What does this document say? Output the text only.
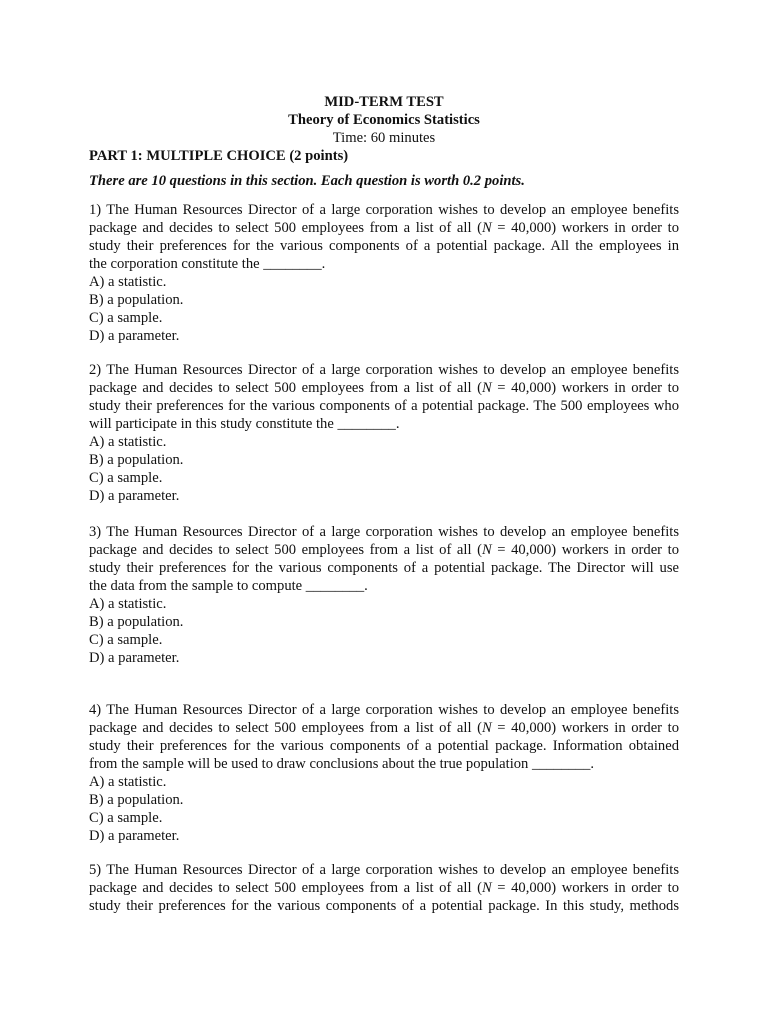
MID-TERM TEST
Theory of Economics Statistics
Time: 60 minutes
PART 1: MULTIPLE CHOICE (2 points)
There are 10 questions in this section. Each question is worth 0.2 points.
1) The Human Resources Director of a large corporation wishes to develop an employee benefits
package and decides to select 500 employees from a list of all (N = 40,000) workers in order to
study their preferences for the various components of a potential package. All the employees in
the corporation constitute the ________.
A) a statistic.
B) a population.
C) a sample.
D) a parameter.
2) The Human Resources Director of a large corporation wishes to develop an employee benefits
package and decides to select 500 employees from a list of all (N = 40,000) workers in order to
study their preferences for the various components of a potential package. The 500 employees who
will participate in this study constitute the ________.
A) a statistic.
B) a population.
C) a sample.
D) a parameter.
3) The Human Resources Director of a large corporation wishes to develop an employee benefits
package and decides to select 500 employees from a list of all (N = 40,000) workers in order to
study their preferences for the various components of a potential package. The Director will use
the data from the sample to compute ________.
A) a statistic.
B) a population.
C) a sample.
D) a parameter.
4) The Human Resources Director of a large corporation wishes to develop an employee benefits
package and decides to select 500 employees from a list of all (N = 40,000) workers in order to
study their preferences for the various components of a potential package. Information obtained
from the sample will be used to draw conclusions about the true population ________.
A) a statistic.
B) a population.
C) a sample.
D) a parameter.
5) The Human Resources Director of a large corporation wishes to develop an employee benefits
package and decides to select 500 employees from a list of all (N = 40,000) workers in order to
study their preferences for the various components of a potential package. In this study, methods
